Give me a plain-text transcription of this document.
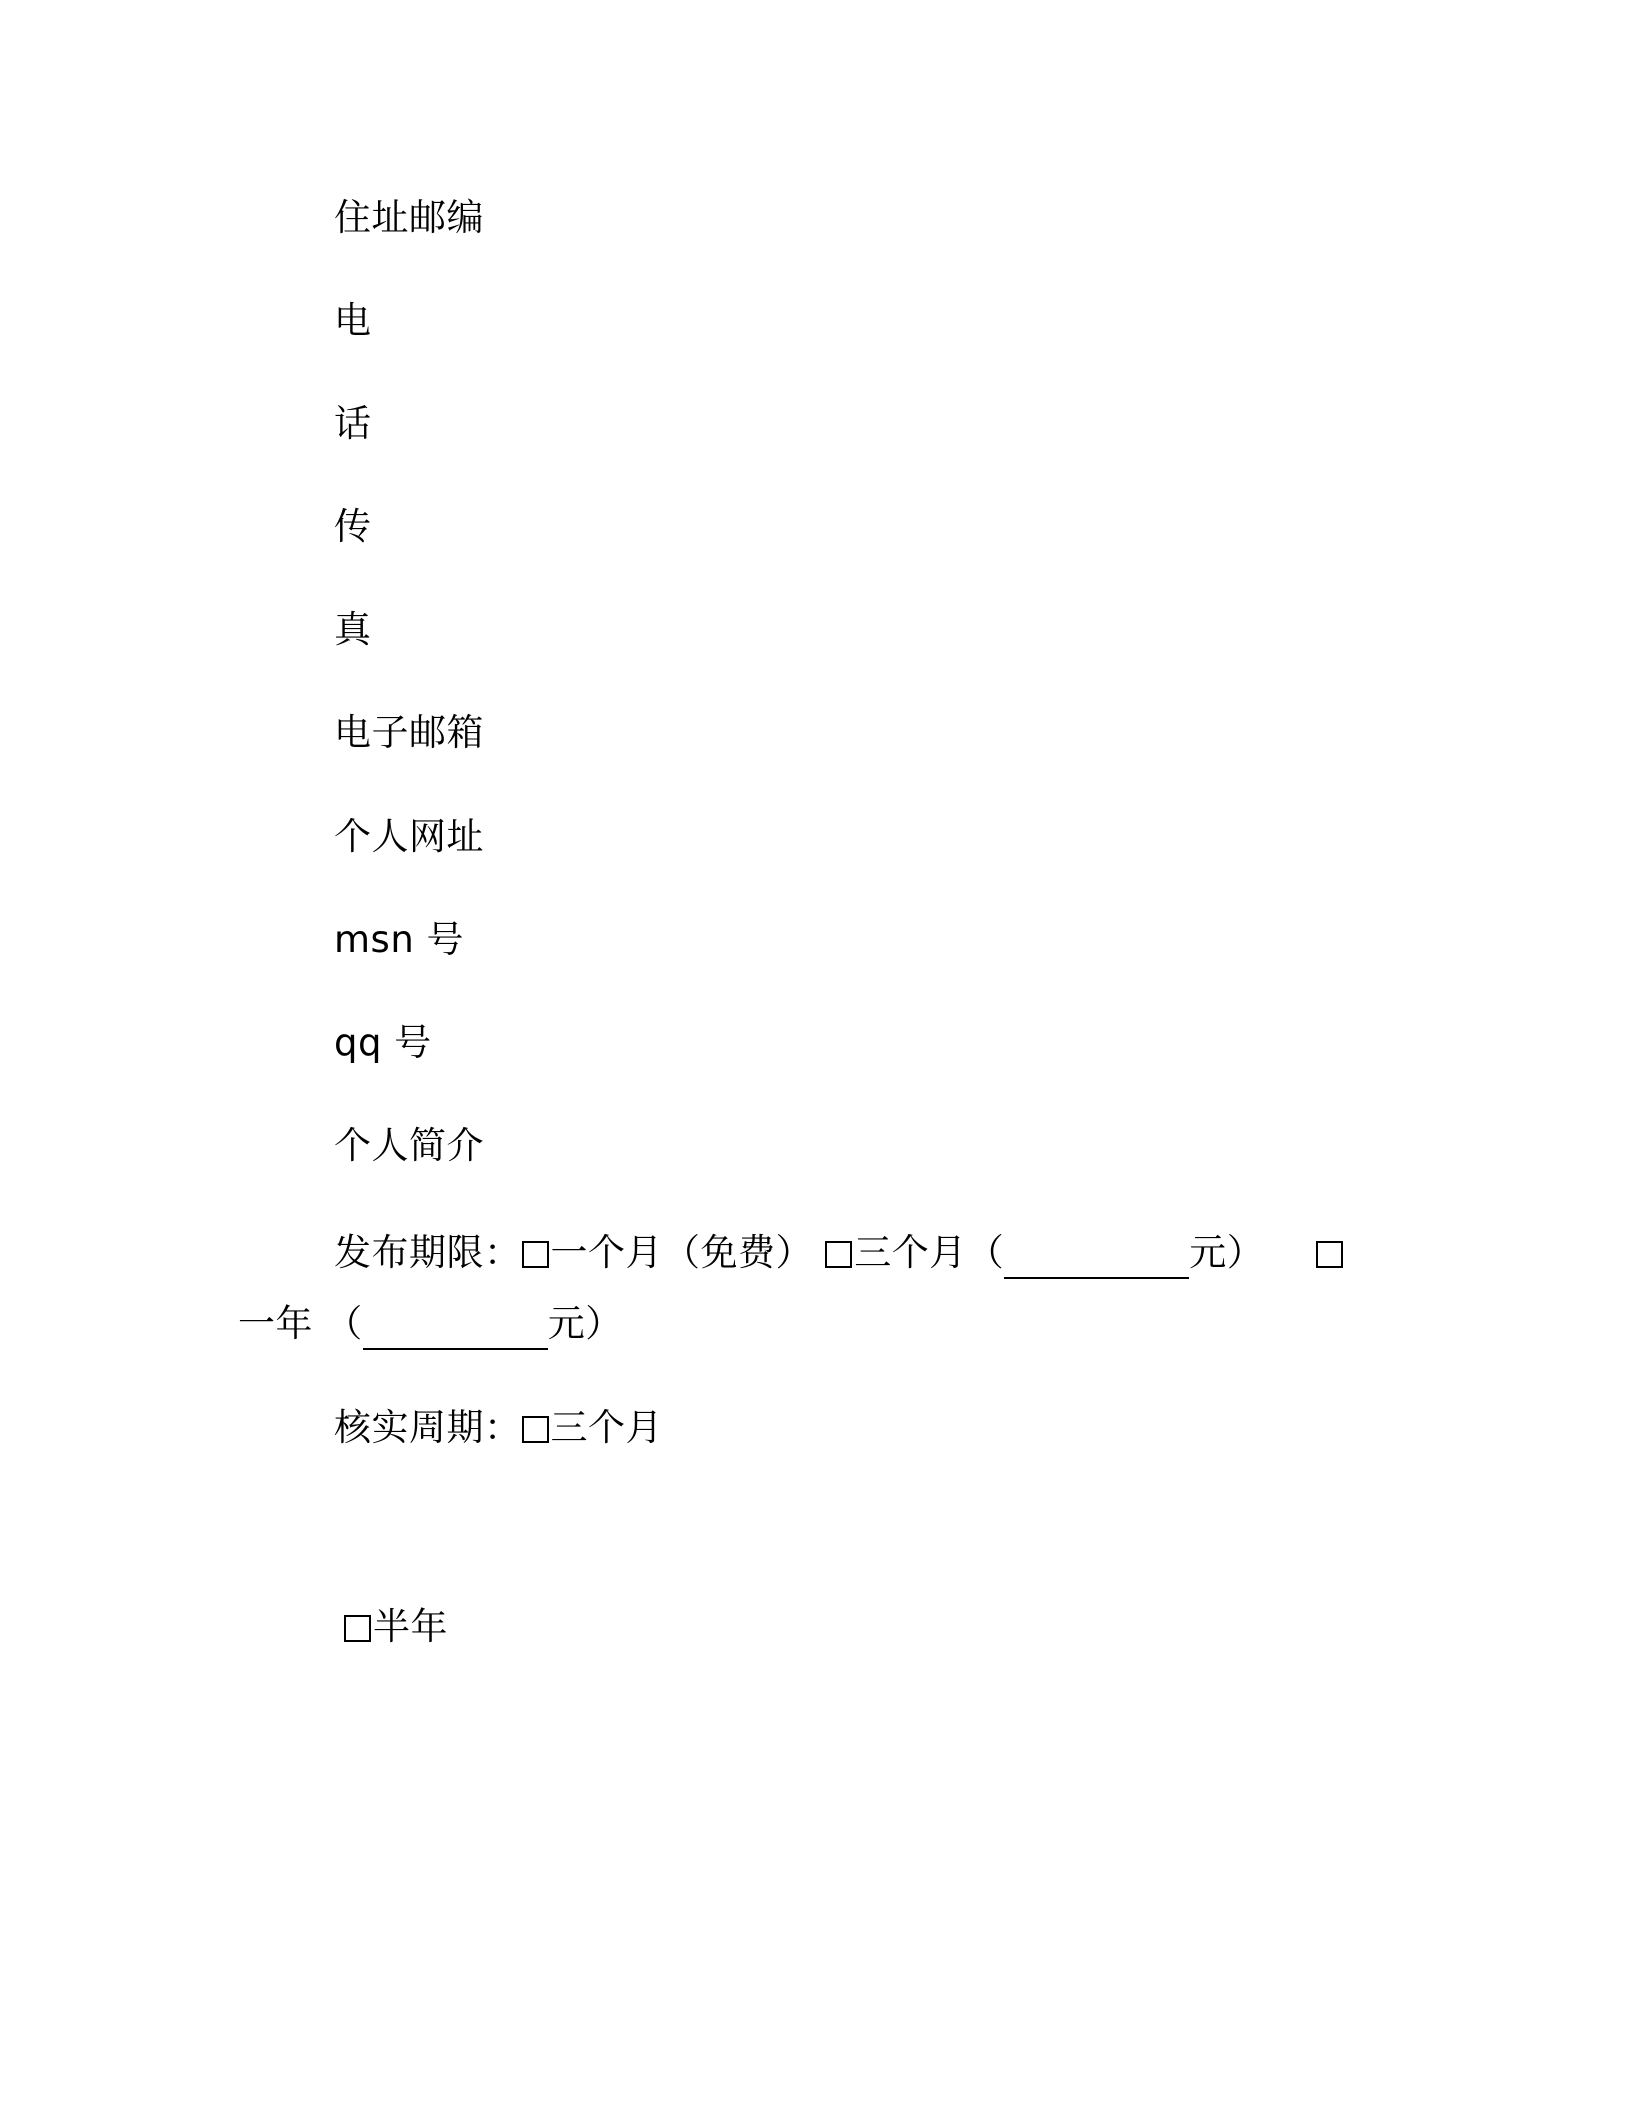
住址邮编
电
话
传
真
电子邮箱
个人网址
msn 号
qq 号
个人简介
发布期限： 一个月（免费） 三个月（	元）
一年 （	元）
核实周期： 三个月
半年
